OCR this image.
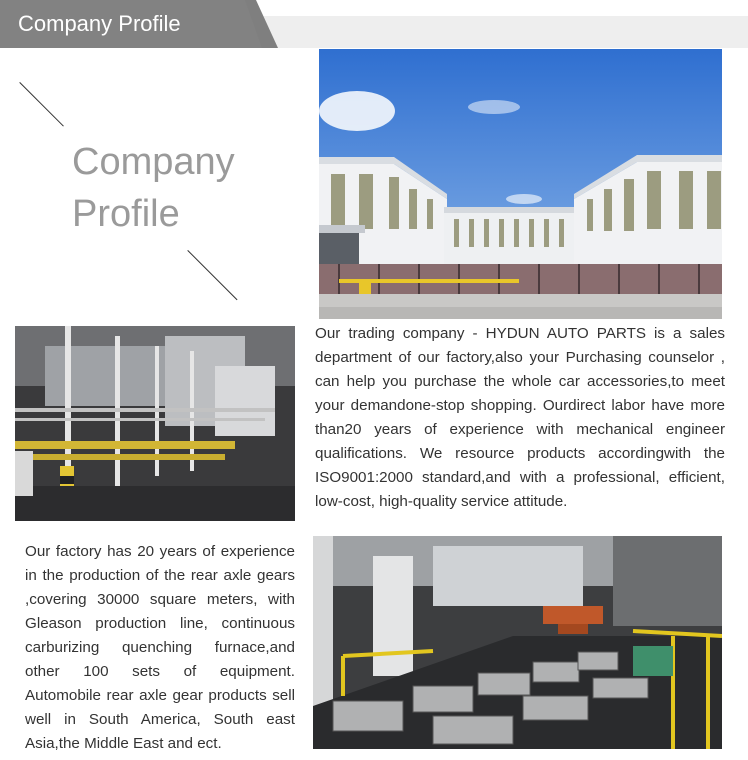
Company Profile
Company
Profile
Our trading company - HYDUN AUTO PARTS is a sales department of our factory,also your Purchasing counselor , can help you purchase the whole car accessories,to meet your demandone-stop shopping. Ourdirect labor have more than20 years of experience with mechanical engineer qualifications. We resource products accordingwith the ISO9001:2000 standard,and with a professional, efficient, low-cost, high-quality service attitude.
Our factory has 20 years of experience in the production of the rear axle gears ,covering 30000 square meters, with Gleason production line, continuous carburizing quenching furnace,and other 100 sets of equipment. Automobile rear axle gear products sell well in South America, South east Asia,the Middle East and ect.
